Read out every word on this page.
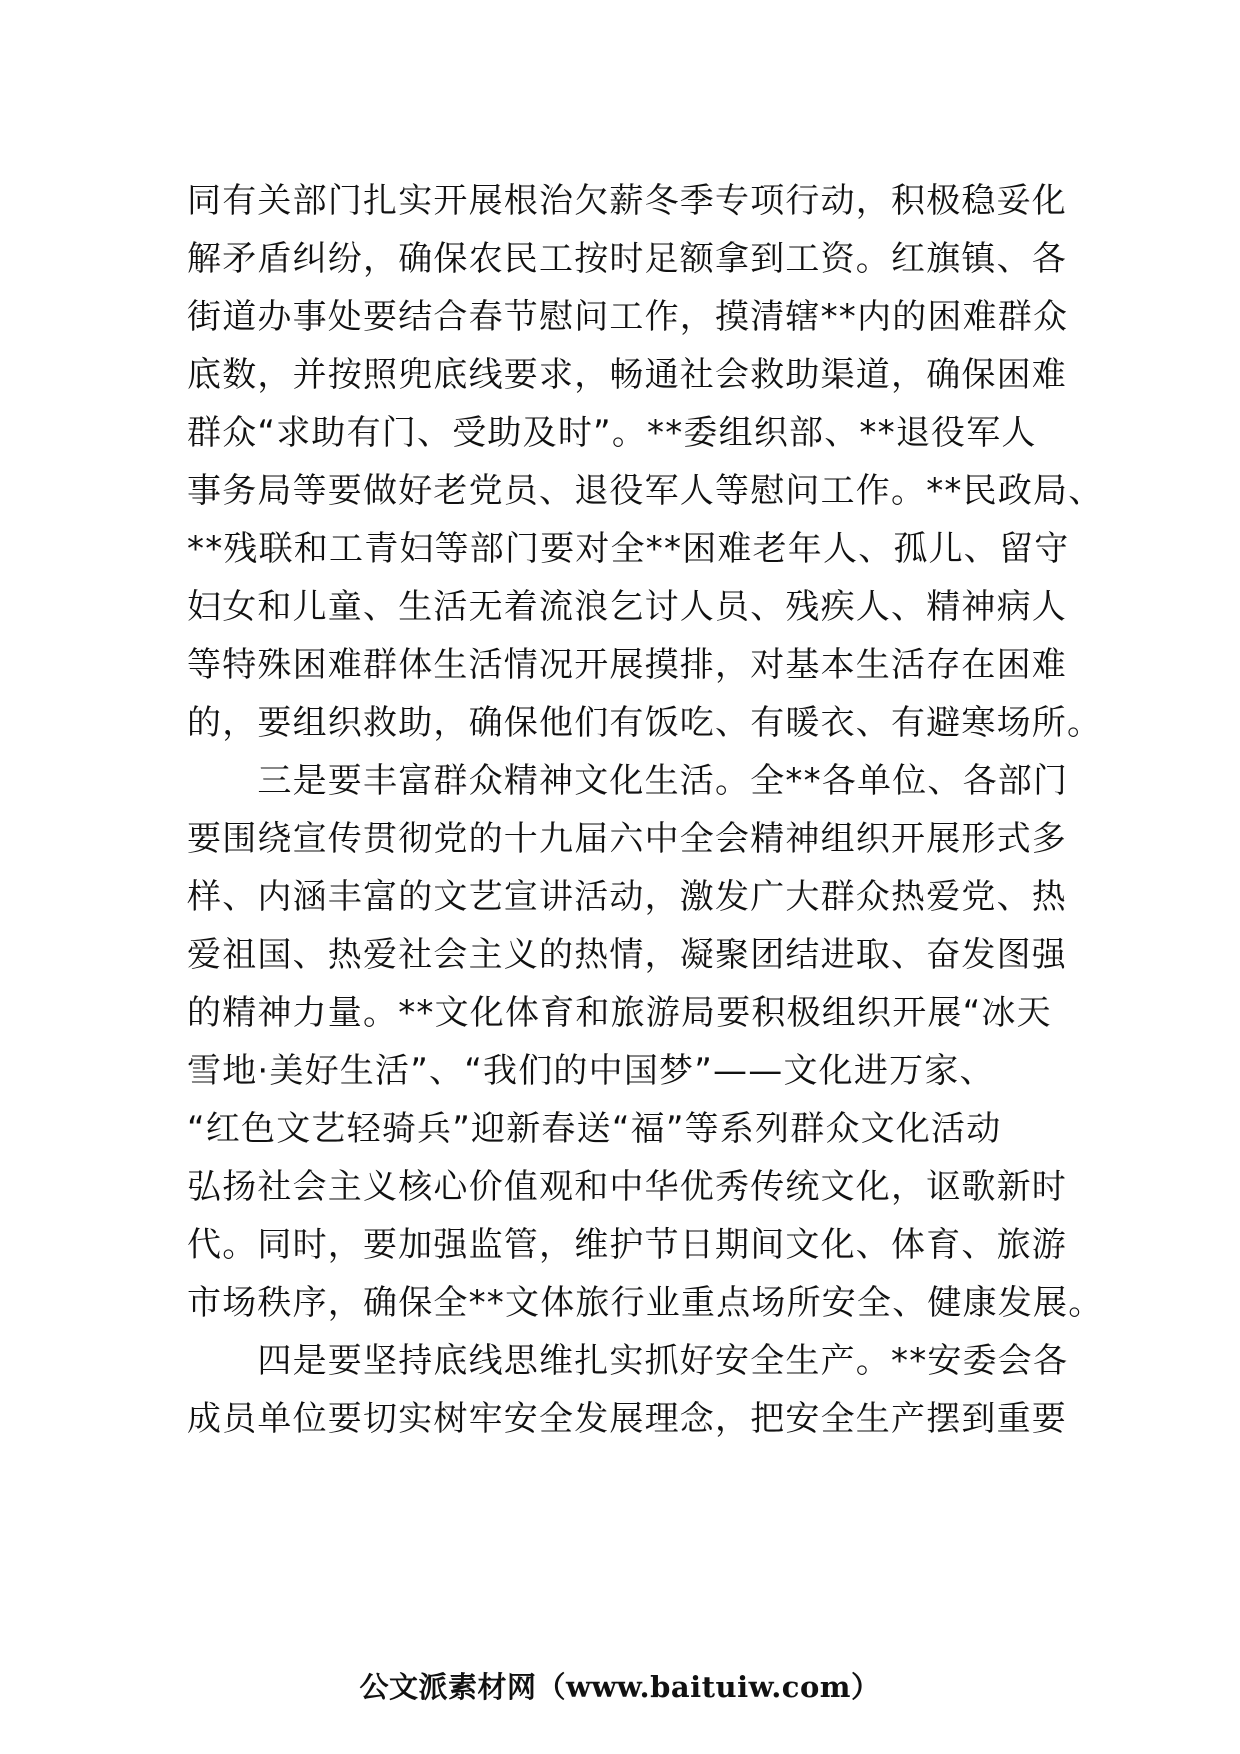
同有关部门扎实开展根治欠薪冬季专项行动，积极稳妥化
解矛盾纠纷，确保农民工按时足额拿到工资。红旗镇、各
街道办事处要结合春节慰问工作，摸清辖**内的困难群众
底数，并按照兜底线要求，畅通社会救助渠道，确保困难
群众“求助有门、受助及时”。**委组织部、**退役军人
事务局等要做好老党员、退役军人等慰问工作。**民政局、
**残联和工青妇等部门要对全**困难老年人、孤儿、留守
妇女和儿童、生活无着流浪乞讨人员、残疾人、精神病人
等特殊困难群体生活情况开展摸排，对基本生活存在困难
的，要组织救助，确保他们有饭吃、有暖衣、有避寒场所。
　　三是要丰富群众精神文化生活。全**各单位、各部门
要围绕宣传贯彻党的十九届六中全会精神组织开展形式多
样、内涵丰富的文艺宣讲活动，激发广大群众热爱党、热
爱祖国、热爱社会主义的热情，凝聚团结进取、奋发图强
的精神力量。**文化体育和旅游局要积极组织开展“冰天
雪地·美好生活”、“我们的中国梦”——文化进万家、
“红色文艺轻骑兵”迎新春送“福”等系列群众文化活动
弘扬社会主义核心价值观和中华优秀传统文化，讴歌新时
代。同时，要加强监管，维护节日期间文化、体育、旅游
市场秩序，确保全**文体旅行业重点场所安全、健康发展。
　　四是要坚持底线思维扎实抓好安全生产。**安委会各
成员单位要切实树牢安全发展理念，把安全生产摆到重要
公文派素材网（www.baituiw.com）
